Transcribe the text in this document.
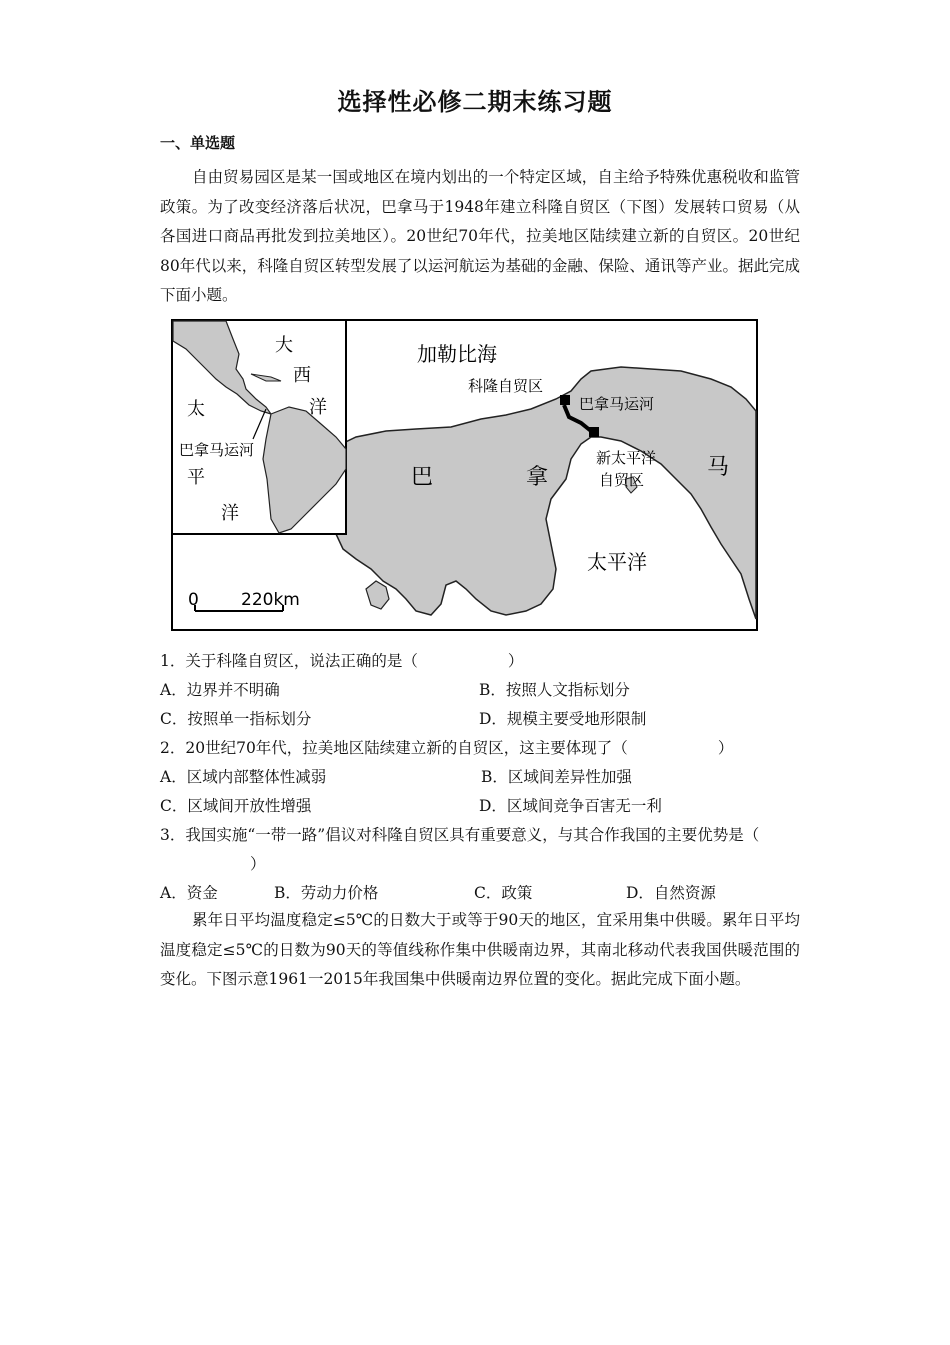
选择性必修二期末练习题
一、单选题

自由贸易园区是某一国或地区在境内划出的一个特定区域，自主给予特殊优惠税收和监管政策。为了改变经济落后状况，巴拿马于1948年建立科隆自贸区（下图）发展转口贸易（从各国进口商品再批发到拉美地区）。20世纪70年代，拉美地区陆续建立新的自贸区。20世纪80年代以来，科隆自贸区转型发展了以运河航运为基础的金融、保险、通讯等产业。据此完成下面小题。

大
西
洋
太
平
洋
巴拿马运河
加勒比海
科隆自贸区
巴拿马运河
新太平洋
自贸区
巴	拿	马
太平洋
0 220km
1．关于科隆自贸区，说法正确的是（	）
A．边界并不明确	B．按照人文指标划分
C．按照单一指标划分	D．规模主要受地形限制
2．20世纪70年代，拉美地区陆续建立新的自贸区，这主要体现了（	）
A．区域内部整体性减弱	B．区域间差异性加强
C．区域间开放性增强	D．区域间竞争百害无一利

3．我国实施“一带一路”倡议对科隆自贸区具有重要意义，与其合作我国的主要优势是（）

A．资金	B．劳动力价格	C．政策	D．自然资源

累年日平均温度稳定≤5℃的日数大于或等于90天的地区，宜采用集中供暖。累年日平均温度稳定≤5℃的日数为90天的等值线称作集中供暖南边界，其南北移动代表我国供暖范围的变化。下图示意1961一2015年我国集中供暖南边界位置的变化。据此完成下面小题。
